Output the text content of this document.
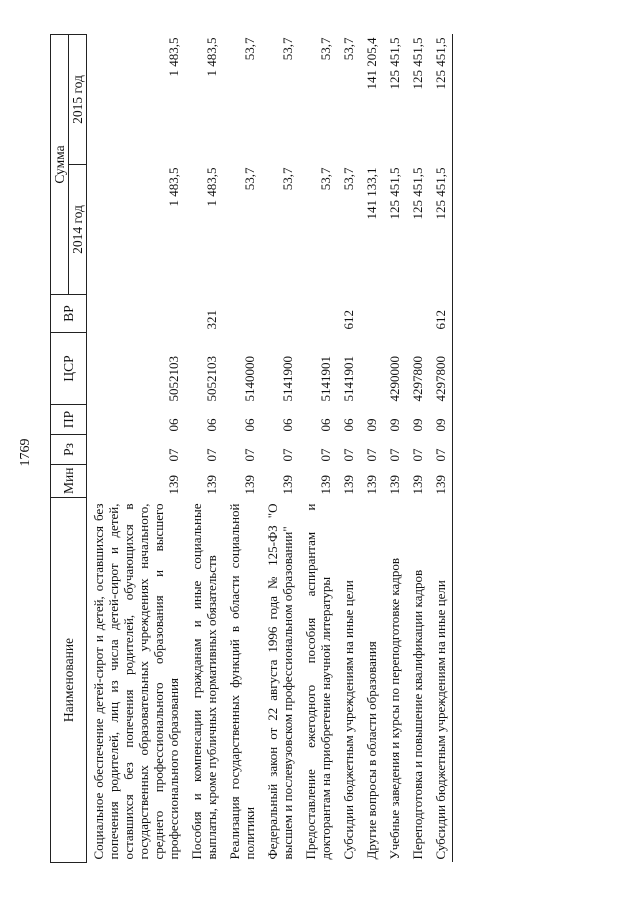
1769
Наименование	Мин	Рз	ПР	ЦСР	ВР	Сумма	
						2014 год	2015 год
Социальное обеспечение детей-сирот и детей, оставшихся без попечения родителей, лиц из числа детей-сирот и детей, оставшихся без попечения родителей, обучающихся в государственных образовательных учреждениях начального, среднего профессионального образования и высшего профессионального образования	139	07	06	5052103		1 483,5	1 483,5
Пособия и компенсации гражданам и иные социальные выплаты, кроме публичных нормативных обязательств	139	07	06	5052103	321	1 483,5	1 483,5
Реализация государственных функций в области социальной политики	139	07	06	5140000		53,7	53,7
Федеральный закон от 22 августа 1996 года № 125-ФЗ "О высшем и послевузовском профессиональном образовании"	139	07	06	5141900		53,7	53,7
Предоставление ежегодного пособия аспирантам и докторантам на приобретение научной литературы	139	07	06	5141901		53,7	53,7
Субсидии бюджетным учреждениям на иные цели	139	07	06	5141901	612	53,7	53,7
Другие вопросы в области образования	139	07	09			141 133,1	141 205,4
Учебные заведения и курсы по переподготовке кадров	139	07	09	4290000		125 451,5	125 451,5
Переподготовка и повышение квалификации кадров	139	07	09	4297800		125 451,5	125 451,5
Субсидии бюджетным учреждениям на иные цели	139	07	09	4297800	612	125 451,5	125 451,5
